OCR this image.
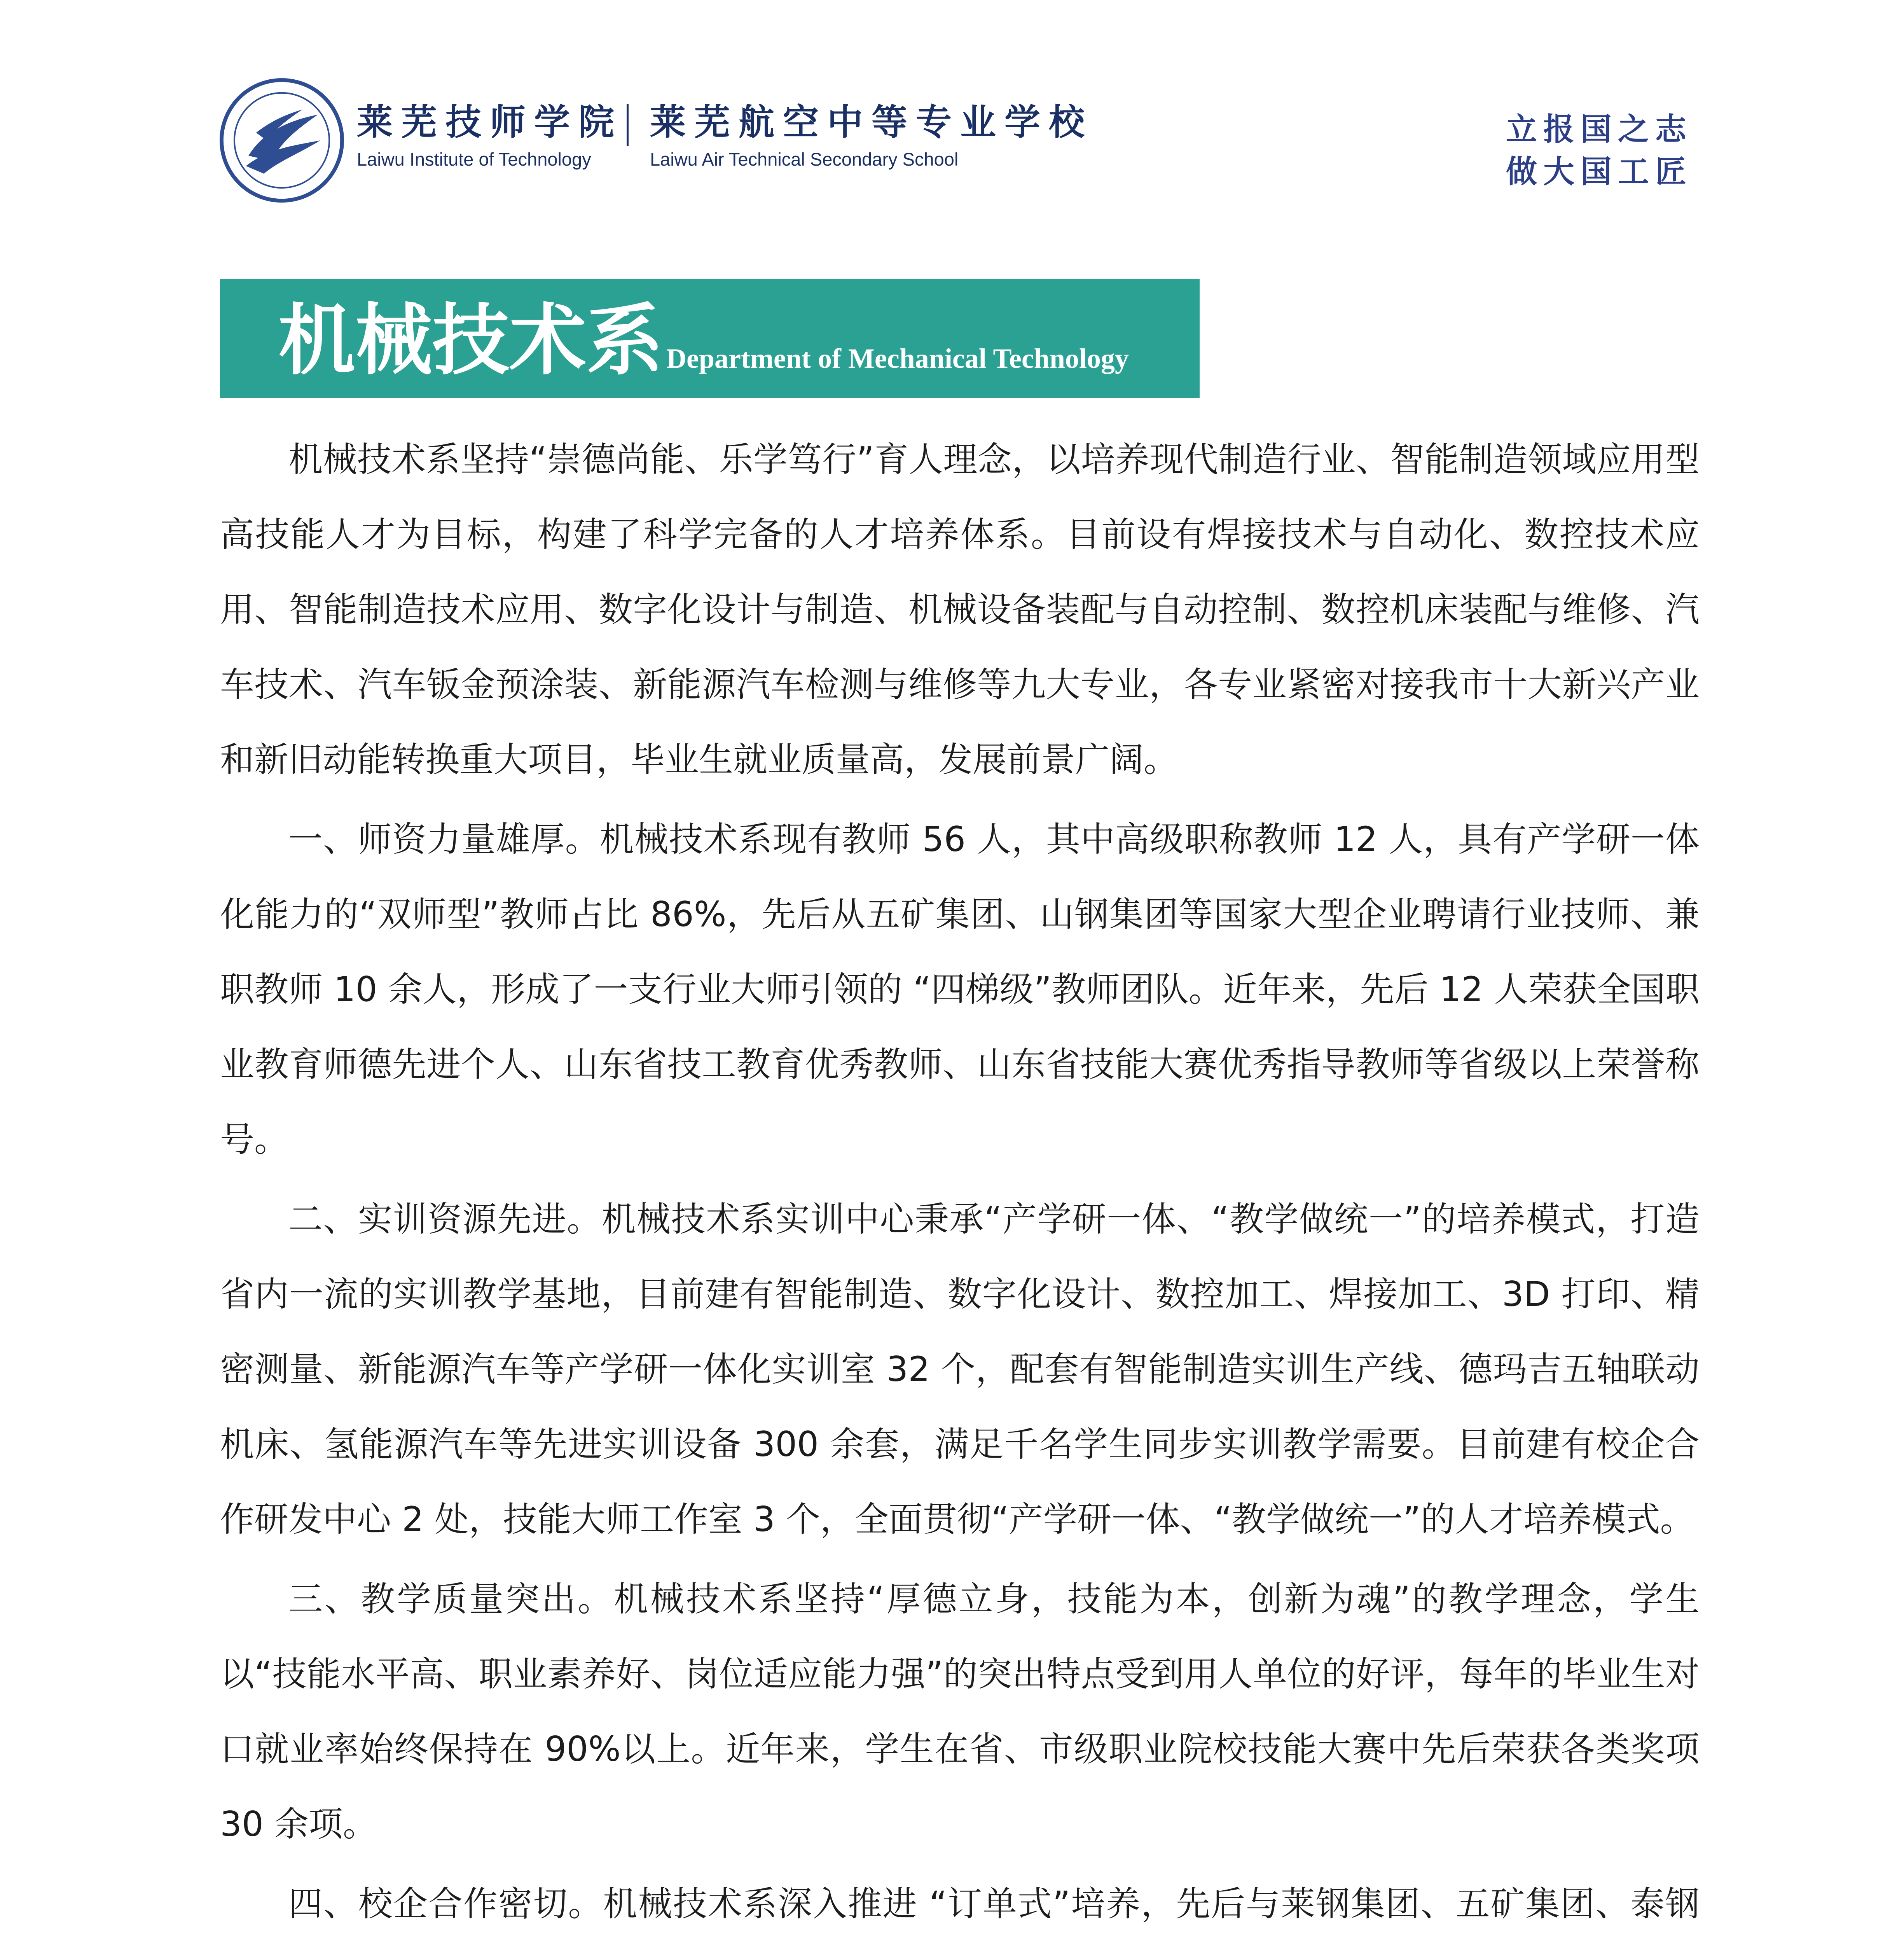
莱芜技师学院
Laiwu Institute of Technology
莱芜航空中等专业学校
Laiwu Air Technical Secondary School
立报国之志
做大国工匠
机械技术系 Department of Mechanical Technology

机械技术系坚持“崇德尚能、乐学笃行”育人理念，以培养现代制造行业、智能制造领域应用型高技能人才为目标，构建了科学完备的人才培养体系。目前设有焊接技术与自动化、数控技术应用、智能制造技术应用、数字化设计与制造、机械设备装配与自动控制、数控机床装配与维修、汽车技术、汽车钣金预涂装、新能源汽车检测与维修等九大专业，各专业紧密对接我市十大新兴产业和新旧动能转换重大项目，毕业生就业质量高，发展前景广阔。

一、师资力量雄厚。机械技术系现有教师 56 人，其中高级职称教师 12 人，具有产学研一体化能力的“双师型”教师占比 86%，先后从五矿集团、山钢集团等国家大型企业聘请行业技师、兼职教师 10 余人，形成了一支行业大师引领的 “四梯级”教师团队。近年来，先后 12 人荣获全国职业教育师德先进个人、山东省技工教育优秀教师、山东省技能大赛优秀指导教师等省级以上荣誉称号。

二、实训资源先进。机械技术系实训中心秉承“产学研一体、“教学做统一”的培养模式，打造省内一流的实训教学基地，目前建有智能制造、数字化设计、数控加工、焊接加工、3D 打印、精密测量、新能源汽车等产学研一体化实训室 32 个，配套有智能制造实训生产线、德玛吉五轴联动机床、氢能源汽车等先进实训设备 300 余套，满足千名学生同步实训教学需要。目前建有校企合作研发中心 2 处，技能大师工作室 3 个，全面贯彻“产学研一体、“教学做统一”的人才培养模式。

三、教学质量突出。机械技术系坚持“厚德立身，技能为本，创新为魂”的教学理念，学生以“技能水平高、职业素养好、岗位适应能力强”的突出特点受到用人单位的好评，每年的毕业生对口就业率始终保持在 90%以上。近年来，学生在省、市级职业院校技能大赛中先后荣获各类奖项 30 余项。

四、校企合作密切。机械技术系深入推进 “订单式”培养，先后与莱钢集团、五矿集团、泰钢
